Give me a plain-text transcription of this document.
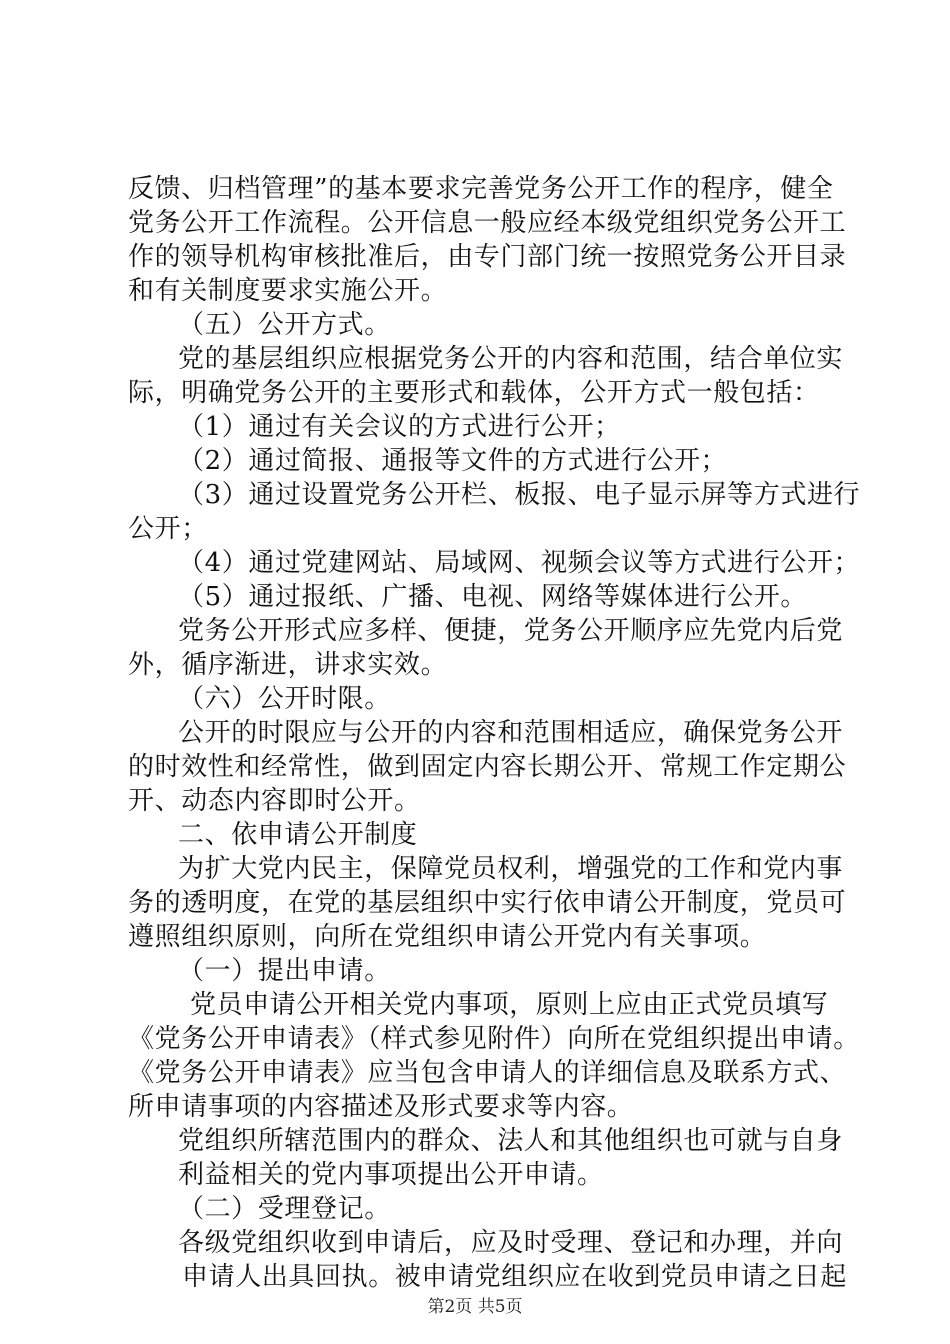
反馈、归档管理”的基本要求完善党务公开工作的程序，健全
党务公开工作流程。公开信息一般应经本级党组织党务公开工
作的领导机构审核批准后，由专门部门统一按照党务公开目录
和有关制度要求实施公开。
（五）公开方式。
党的基层组织应根据党务公开的内容和范围，结合单位实
际，明确党务公开的主要形式和载体，公开方式一般包括：
（1）通过有关会议的方式进行公开；
（2）通过简报、通报等文件的方式进行公开；
（3）通过设置党务公开栏、板报、电子显示屏等方式进行
公开；
（4）通过党建网站、局域网、视频会议等方式进行公开；
（5）通过报纸、广播、电视、网络等媒体进行公开。
党务公开形式应多样、便捷，党务公开顺序应先党内后党
外，循序渐进，讲求实效。
（六）公开时限。
公开的时限应与公开的内容和范围相适应，确保党务公开
的时效性和经常性，做到固定内容长期公开、常规工作定期公
开、动态内容即时公开。
二、依申请公开制度
为扩大党内民主，保障党员权利，增强党的工作和党内事
务的透明度，在党的基层组织中实行依申请公开制度，党员可
遵照组织原则，向所在党组织申请公开党内有关事项。
（一）提出申请。
党员申请公开相关党内事项，原则上应由正式党员填写
《党务公开申请表》（样式参见附件）向所在党组织提出申请。
《党务公开申请表》应当包含申请人的详细信息及联系方式、
所申请事项的内容描述及形式要求等内容。
党组织所辖范围内的群众、法人和其他组织也可就与自身
利益相关的党内事项提出公开申请。
（二）受理登记。
各级党组织收到申请后，应及时受理、登记和办理，并向
申请人出具回执。被申请党组织应在收到党员申请之日起
第2页 共5页
